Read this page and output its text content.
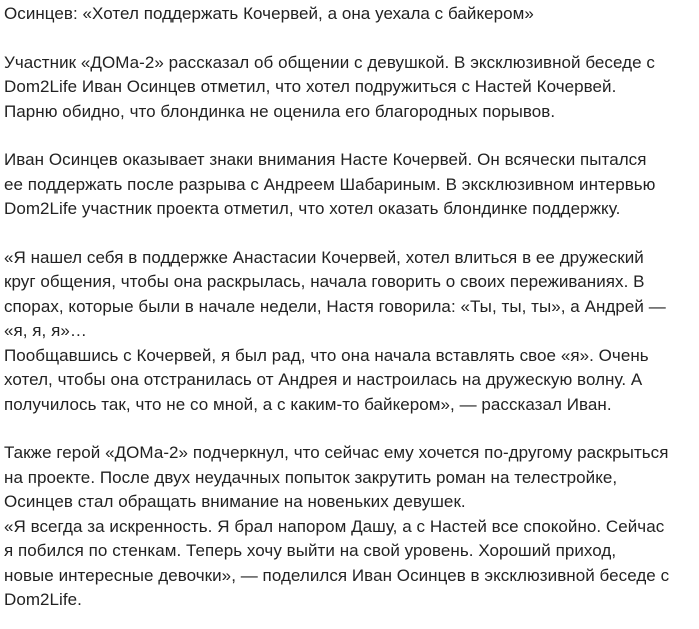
Осинцев: «Хотел поддержать Кочервей, а она уехала с байкером»
Участник «ДОМа-2» рассказал об общении с девушкой. В эксклюзивной беседе с
Dom2Life Иван Осинцев отметил, что хотел подружиться с Настей Кочервей.
Парню обидно, что блондинка не оценила его благородных порывов.
Иван Осинцев оказывает знаки внимания Насте Кочервей. Он всячески пытался
ее поддержать после разрыва с Андреем Шабариным. В эксклюзивном интервью
Dom2Life участник проекта отметил, что хотел оказать блондинке поддержку.
«Я нашел себя в поддержке Анастасии Кочервей, хотел влиться в ее дружеский
круг общения, чтобы она раскрылась, начала говорить о своих переживаниях. В
спорах, которые были в начале недели, Настя говорила: «Ты, ты, ты», а Андрей —
«я, я, я»…
Пообщавшись с Кочервей, я был рад, что она начала вставлять свое «я». Очень
хотел, чтобы она отстранилась от Андрея и настроилась на дружескую волну. А
получилось так, что не со мной, а с каким-то байкером», — рассказал Иван.
Также герой «ДОМа-2» подчеркнул, что сейчас ему хочется по-другому раскрыться
на проекте. После двух неудачных попыток закрутить роман на телестройке,
Осинцев стал обращать внимание на новеньких девушек.
«Я всегда за искренность. Я брал напором Дашу, а с Настей все спокойно. Сейчас
я побился по стенкам. Теперь хочу выйти на свой уровень. Хороший приход,
новые интересные девочки», — поделился Иван Осинцев в эксклюзивной беседе с
Dom2Life.
